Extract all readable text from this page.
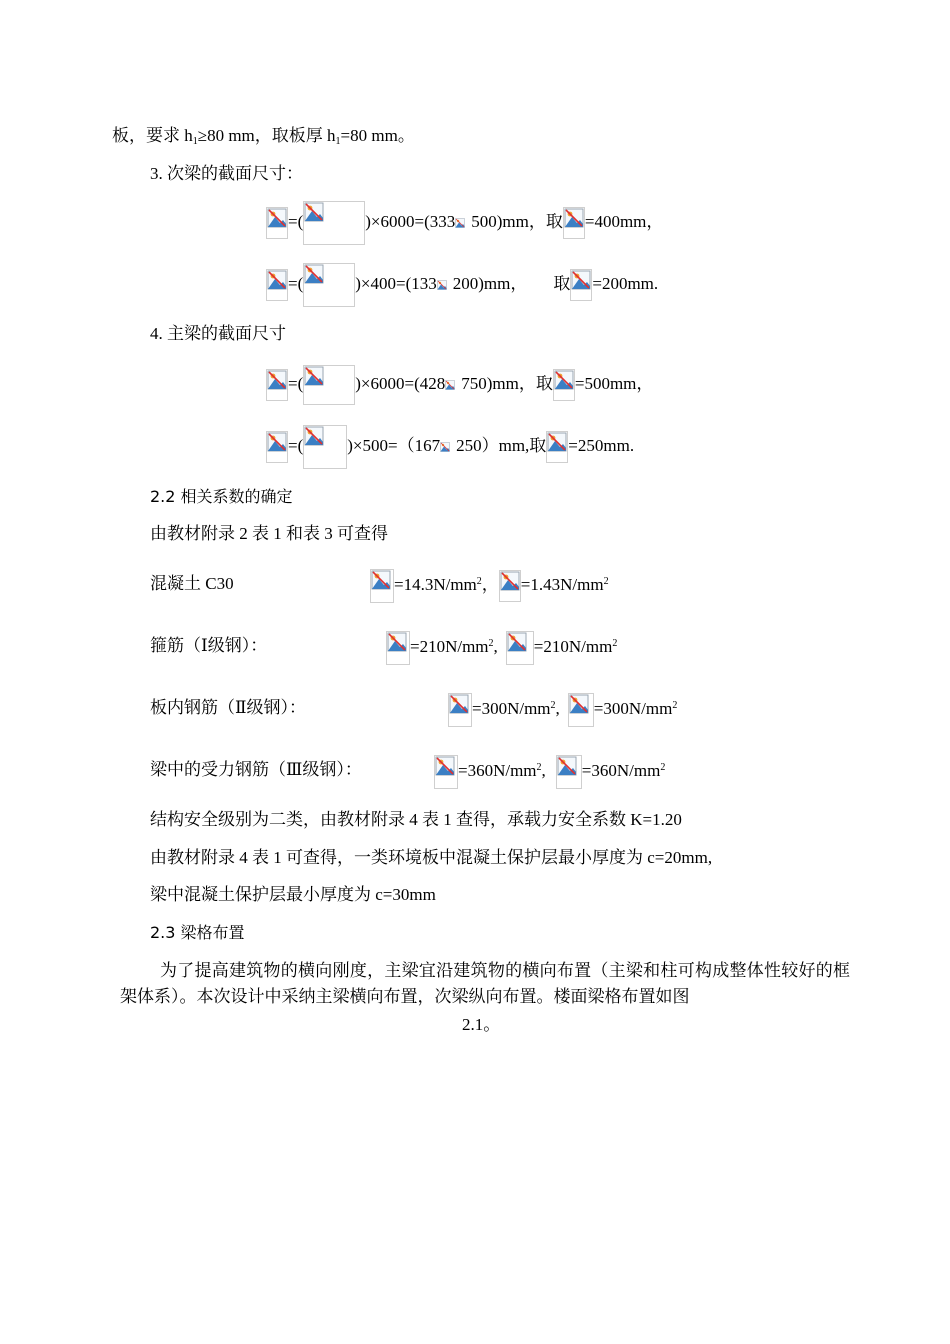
板，要求 $h_1\ge 80$ mm，取板厚 $h_1=80$ mm。
3. 次梁的截面尺寸：
=(	)×6000=(333 500)mm，取 =400mm，
=(	)×400=(133 200)mm， 取 =200mm.
4. 主梁的截面尺寸
=(	)×6000=(428 750)mm，取 =500mm，
=(	)×500=（167 250）mm,取 =250mm.
2.2 相关系数的确定
由教材附录 2 表 1 和表 3 可查得
混凝土 C30	$=14.3N/mm^2$， $=1.43N/mm^2$
箍筋（Ⅰ级钢）：	$=210N/mm^2$, $=210N/mm^2$
板内钢筋（Ⅱ级钢）：	$=300N/mm^2$, $=300N/mm^2$
梁中的受力钢筋（Ⅲ级钢）：	$=360N/mm^2$, $=360N/mm^2$
结构安全级别为二类，由教材附录 4 表 1 查得，承载力安全系数 K=1.20
由教材附录 4 表 1 可查得，一类环境板中混凝土保护层最小厚度为 c=20mm,
梁中混凝土保护层最小厚度为 c=30mm
2.3 梁格布置
为了提高建筑物的横向刚度，主梁宜沿建筑物的横向布置（主梁和柱可构成整体性较好的框架体系）。本次设计中采纳主梁横向布置，次梁纵向布置。楼面梁格布置如图
2.1。
